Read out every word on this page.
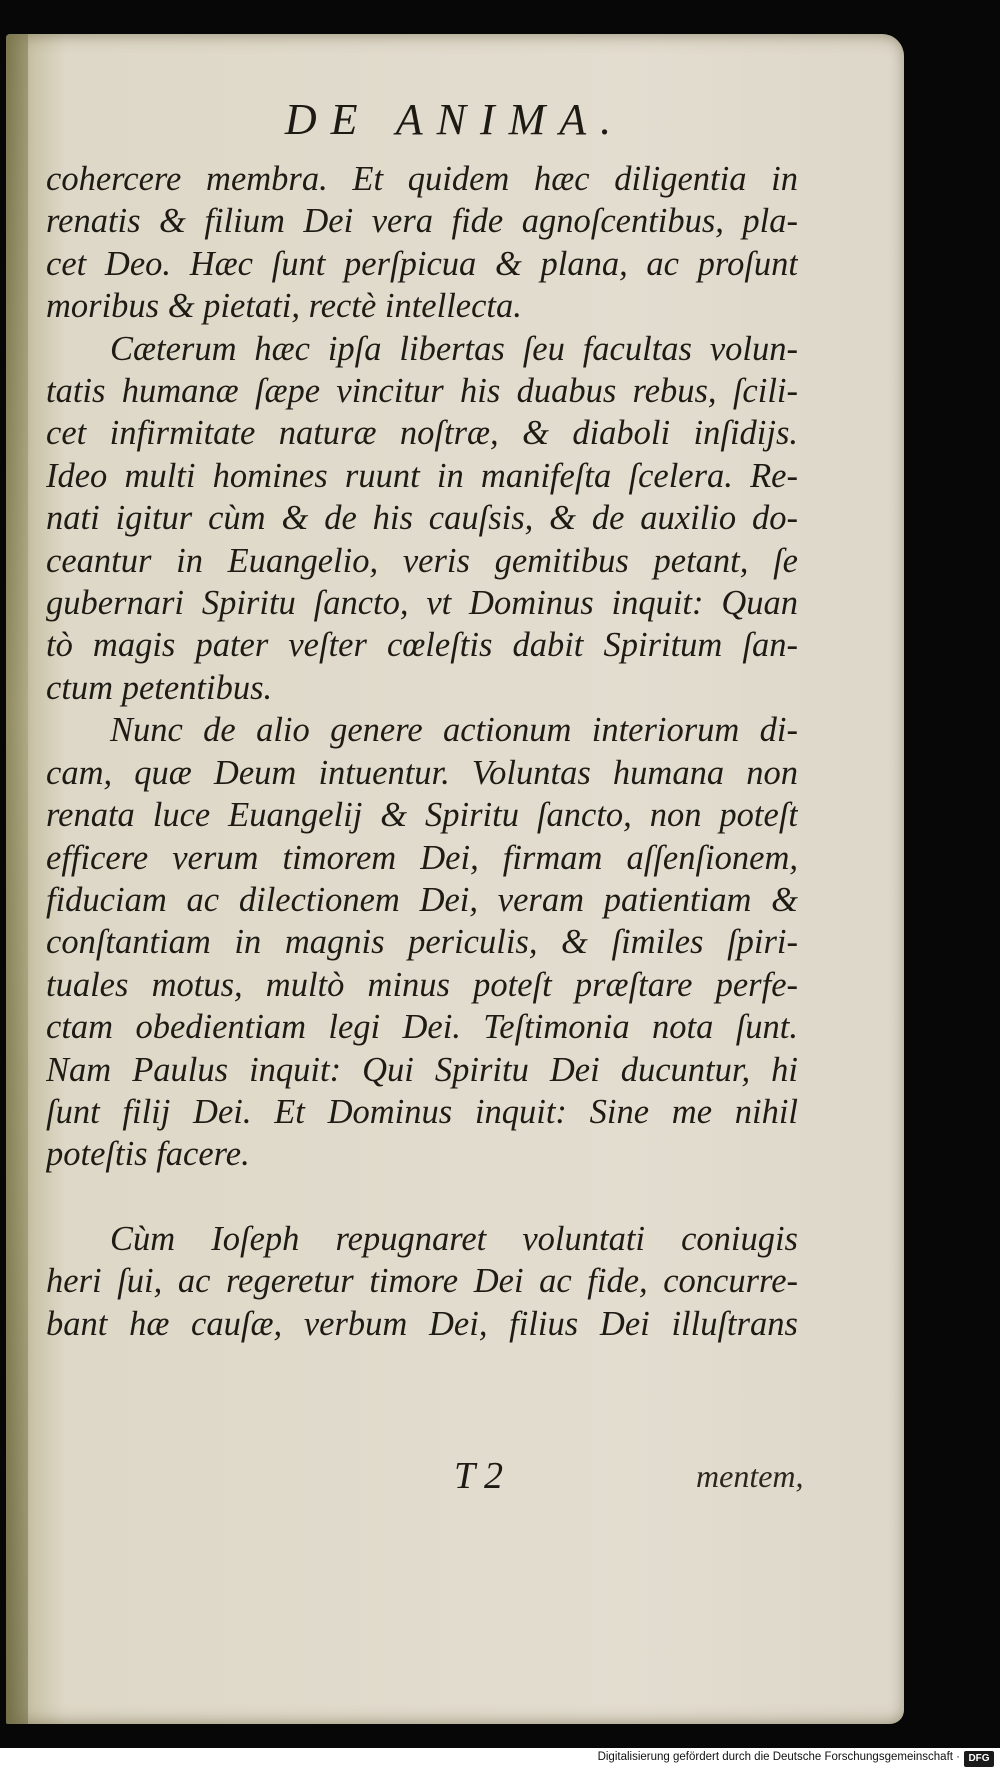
DE ANIMA.
cohercere membra. Et quidem hæc diligentia in
renatis & filium Dei vera fide agnoſcentibus, pla-
cet Deo. Hæc ſunt perſpicua & plana, ac proſunt
moribus & pietati, rectè intellecta.
Cæterum hæc ipſa libertas ſeu facultas volun-
tatis humanæ ſæpe vincitur his duabus rebus, ſcili-
cet infirmitate naturæ noſtræ, & diaboli inſidijs.
Ideo multi homines ruunt in manifeſta ſcelera. Re-
nati igitur cùm & de his cauſsis, & de auxilio do-
ceantur in Euangelio, veris gemitibus petant, ſe
gubernari Spiritu ſancto, vt Dominus inquit: Quan
tò magis pater veſter cœleſtis dabit Spiritum ſan-
ctum petentibus.
Nunc de alio genere actionum interiorum di-
cam, quæ Deum intuentur. Voluntas humana non
renata luce Euangelij & Spiritu ſancto, non poteſt
efficere verum timorem Dei, firmam aſſenſionem,
fiduciam ac dilectionem Dei, veram patientiam &
conſtantiam in magnis periculis, & ſimiles ſpiri-
tuales motus, multò minus poteſt præſtare perfe-
ctam obedientiam legi Dei. Teſtimonia nota ſunt.
Nam Paulus inquit: Qui Spiritu Dei ducuntur, hi
ſunt filij Dei. Et Dominus inquit: Sine me nihil
poteſtis facere.
Cùm Ioſeph repugnaret voluntati coniugis
heri ſui, ac regeretur timore Dei ac fide, concurre-
bant hæ cauſæ, verbum Dei, filius Dei illuſtrans
T 2	mentem,
Digitalisierung gefördert durch die Deutsche Forschungsgemeinschaft · DFG
